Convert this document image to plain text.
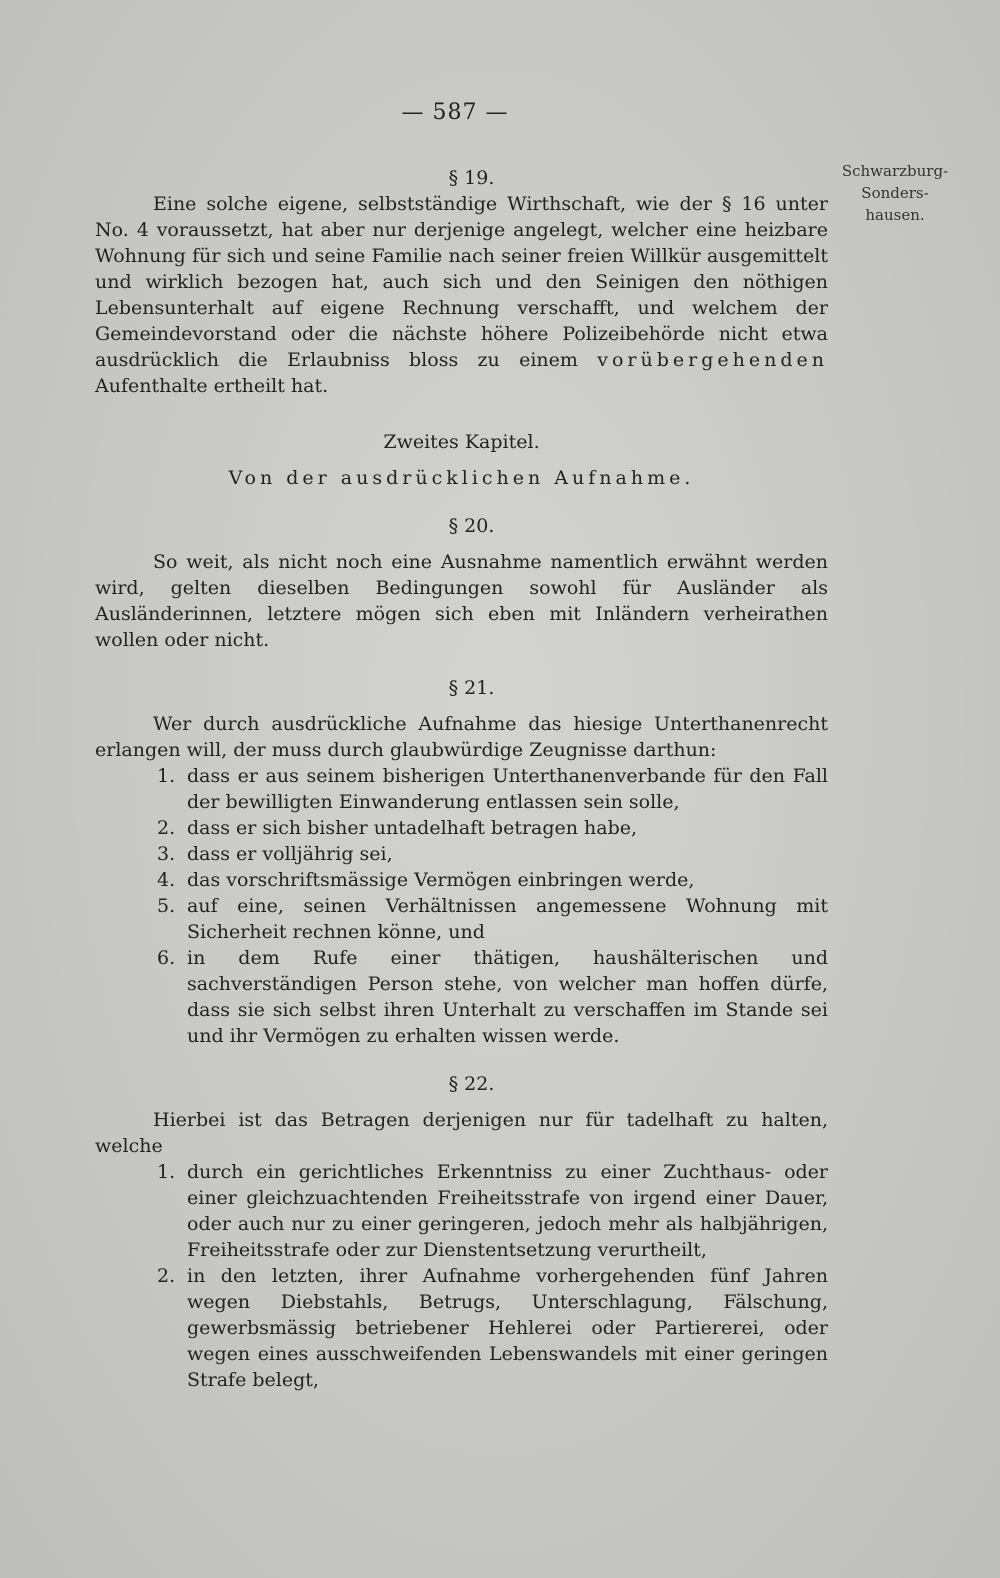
— 587 —
Schwarzburg-
Sonders-
hausen.
§ 19.

Eine solche eigene, selbstständige Wirthschaft, wie der § 16 unter No. 4 voraussetzt, hat aber nur derjenige angelegt, welcher eine heizbare Wohnung für sich und seine Familie nach seiner freien Willkür ausgemittelt und wirklich bezogen hat, auch sich und den Seinigen den nöthigen Lebensunterhalt auf eigene Rechnung verschafft, und welchem der Gemeindevorstand oder die nächste höhere Polizeibehörde nicht etwa ausdrücklich die Erlaubniss bloss zu einem vorübergehenden Aufenthalte ertheilt hat.

Zweites Kapitel.
Von der ausdrücklichen Aufnahme.
§ 20.

So weit, als nicht noch eine Ausnahme namentlich erwähnt werden wird, gelten dieselben Bedingungen sowohl für Ausländer als Ausländerinnen, letztere mögen sich eben mit Inländern verheirathen wollen oder nicht.

§ 21.

Wer durch ausdrückliche Aufnahme das hiesige Unterthanenrecht erlangen will, der muss durch glaubwürdige Zeugnisse darthun:

1. dass er aus seinem bisherigen Unterthanenverbande für den Fall der bewilligten Einwanderung entlassen sein solle,
2. dass er sich bisher untadelhaft betragen habe,
3. dass er volljährig sei,
4. das vorschriftsmässige Vermögen einbringen werde,
5. auf eine, seinen Verhältnissen angemessene Wohnung mit Sicherheit rechnen könne, und
6. in dem Rufe einer thätigen, haushälterischen und sachverständigen Person stehe, von welcher man hoffen dürfe, dass sie sich selbst ihren Unterhalt zu verschaffen im Stande sei und ihr Vermögen zu erhalten wissen werde.
§ 22.

Hierbei ist das Betragen derjenigen nur für tadelhaft zu halten, welche

1. durch ein gerichtliches Erkenntniss zu einer Zuchthaus- oder einer gleichzuachtenden Freiheitsstrafe von irgend einer Dauer, oder auch nur zu einer geringeren, jedoch mehr als halbjährigen, Freiheitsstrafe oder zur Dienstentsetzung verurtheilt,
2. in den letzten, ihrer Aufnahme vorhergehenden fünf Jahren wegen Diebstahls, Betrugs, Unterschlagung, Fälschung, gewerbsmässig betriebener Hehlerei oder Partiererei, oder wegen eines ausschweifenden Lebenswandels mit einer geringen Strafe belegt,
